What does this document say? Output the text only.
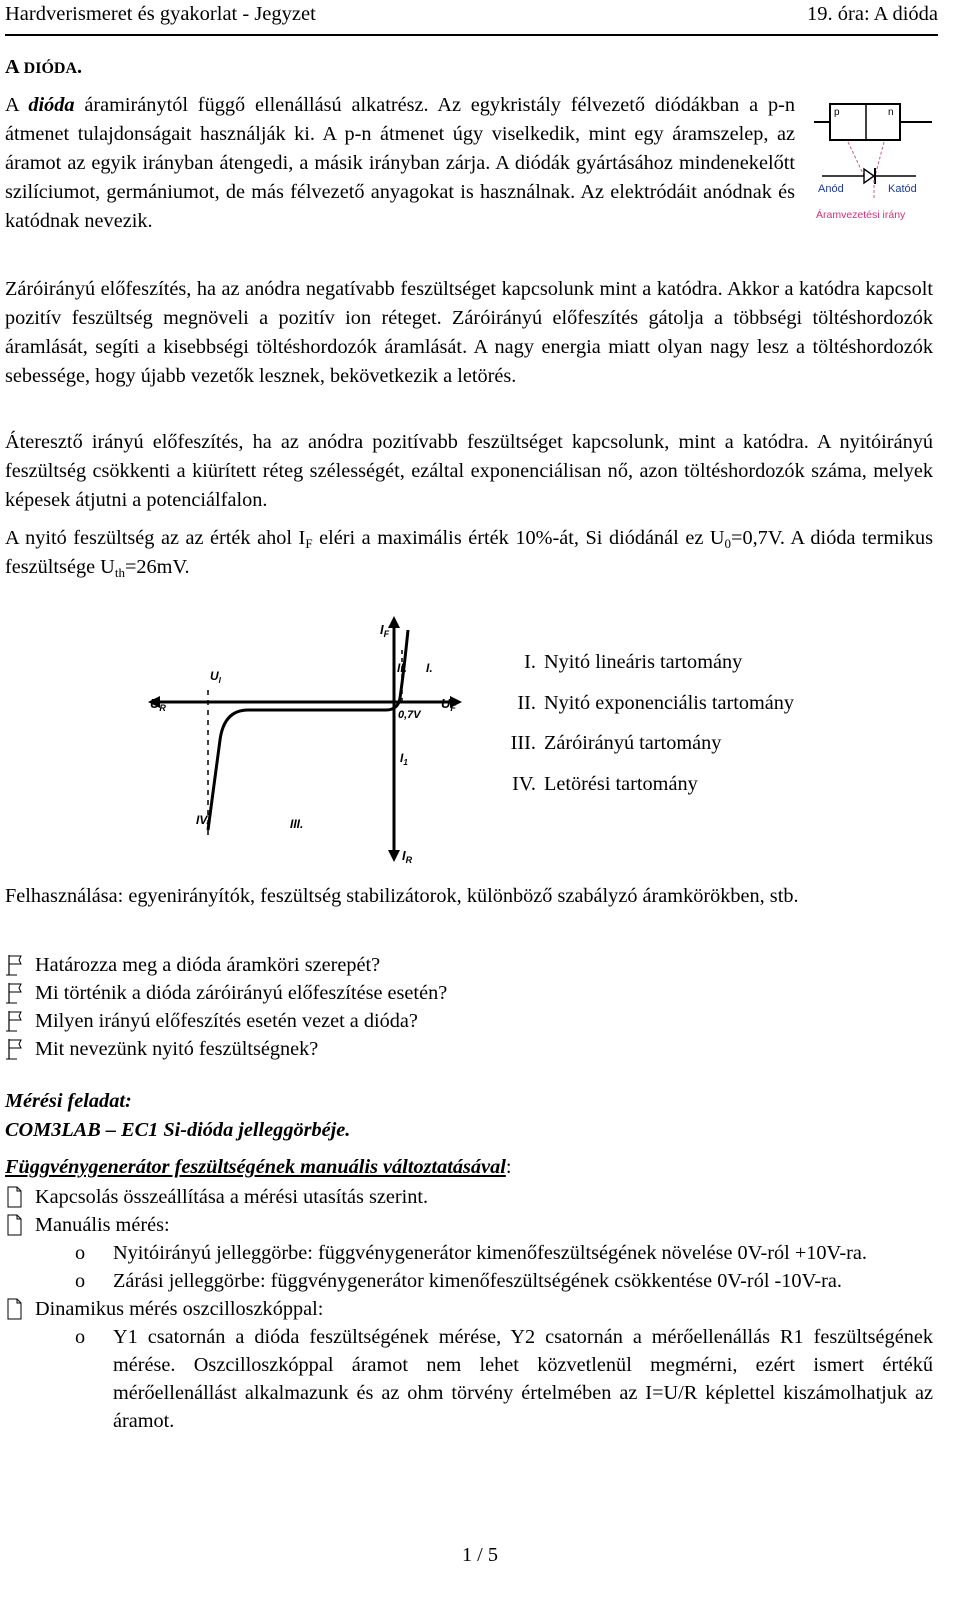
Hardverismeret és gyakorlat - Jegyzet	19. óra: A dióda
A DIÓDA.

A dióda áramiránytól függő ellenállású alkatrész. Az egykristály félvezető diódákban a p-n átmenet tulajdonságait használják ki. A p-n átmenet úgy viselkedik, mint egy áramszelep, az áramot az egyik irányban átengedi, a másik irányban zárja. A diódák gyártásához mindenekelőtt szilíciumot, germániumot, de más félvezető anyagokat is használnak. Az elektródáit anódnak és katódnak nevezik.

p	n
Anód	Katód
Áramvezetési irány

Záróirányú előfeszítés, ha az anódra negatívabb feszültséget kapcsolunk mint a katódra. Akkor a katódra kapcsolt pozitív feszültség megnöveli a pozitív ion réteget. Záróirányú előfeszítés gátolja a többségi töltéshordozók áramlását, segíti a kisebbségi töltéshordozók áramlását. A nagy energia miatt olyan nagy lesz a töltéshordozók sebessége, hogy újabb vezetők lesznek, bekövetkezik a letörés.

Áteresztő irányú előfeszítés, ha az anódra pozitívabb feszültséget kapcsolunk, mint a katódra. A nyitóirányú feszültség csökkenti a kiürített réteg szélességét, ezáltal exponenciálisan nő, azon töltéshordozók száma, melyek képesek átjutni a potenciálfalon.

A nyitó feszültség az az érték ahol $I_F$ eléri a maximális érték 10%-át, Si diódánál ez $U_0=0,7V$. A dióda termikus feszültsége $U_{th}=26mV$.

$I_F$
$U_R$	$U_F$
$I_R$
$U_l$
$I_1$
0,7V
I.
II.
III.
IV.
I. Nyitó lineáris tartomány
II. Nyitó exponenciális tartomány
III. Záróirányú tartomány
IV. Letörési tartomány

Felhasználása: egyenirányítók, feszültség stabilizátorok, különböző szabályzó áramkörökben, stb.

Határozza meg a dióda áramköri szerepét?
Mi történik a dióda záróirányú előfeszítése esetén?
Milyen irányú előfeszítés esetén vezet a dióda?
Mit nevezünk nyitó feszültségnek?
Mérési feladat:
COM3LAB – EC1 Si-dióda jelleggörbéje.
Függvénygenerátor feszültségének manuális változtatásával:
Kapcsolás összeállítása a mérési utasítás szerint.
Manuális mérés:
o	Nyitóirányú jelleggörbe: függvénygenerátor kimenőfeszültségének növelése 0V-ról +10V-ra.
o	Zárási jelleggörbe: függvénygenerátor kimenőfeszültségének csökkentése 0V-ról -10V-ra.
Dinamikus mérés oszcilloszkóppal:
o	Y1 csatornán a dióda feszültségének mérése, Y2 csatornán a mérőellenállás R1 feszültségének mérése. Oszcilloszkóppal áramot nem lehet közvetlenül megmérni, ezért ismert értékű mérőellenállást alkalmazunk és az ohm törvény értelmében az I=U/R képlettel kiszámolhatjuk az áramot.
1 / 5
